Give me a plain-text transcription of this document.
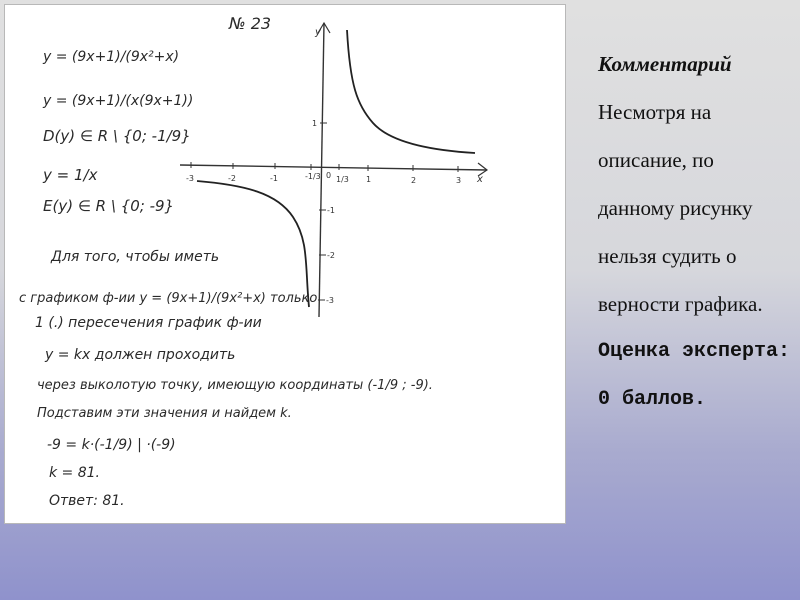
-3	-2	-1	-1/3 1/3 1	2	3
1
-1
-2
-3
x
y
0
№ 23
y = (9x+1)/(9x²+x)
y = (9x+1)/(x(9x+1))
D(y) ∈ R \ {0; -1/9}
y = 1/x
E(y) ∈ R \ {0; -9}
Для того, чтобы иметь
с графиком ф-ии y = (9x+1)/(9x²+x) только
1 (.) пересечения график ф-ии
y = kx должен проходить
через выколотую точку, имеющую координаты (-1/9 ; -9).
Подставим эти значения и найдем k.
-9 = k·(-1/9) | ·(-9)
k = 81.
Ответ: 81.
Комментарий
Несмотря на описание, по данному рисунку нельзя судить о верности графика.
Оценка эксперта: 0 баллов.
